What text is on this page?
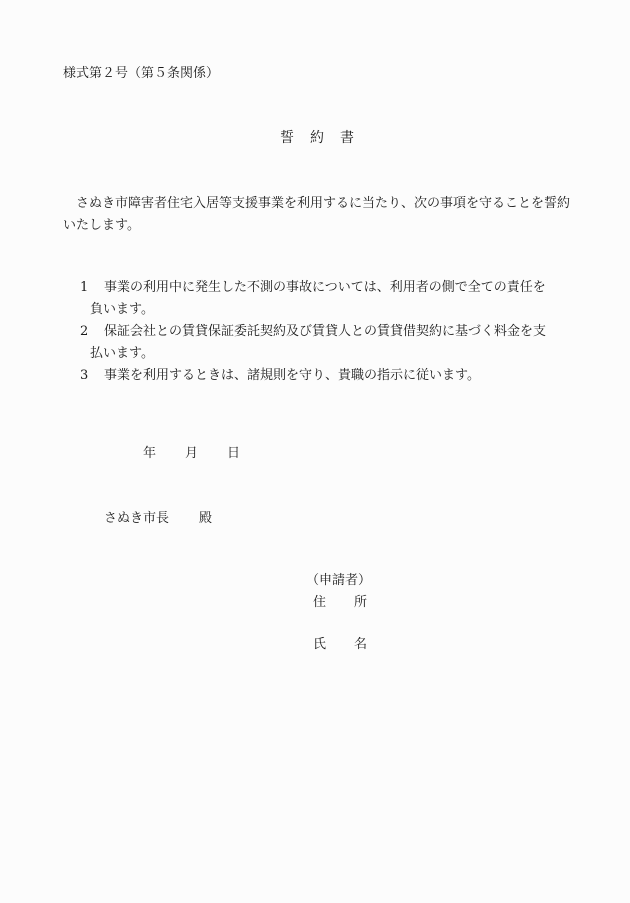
様式第２号（第５条関係）
誓約書
さぬき市障害者住宅入居等支援事業を利用するに当たり、次の事項を守ることを誓約いたします。
1	事業の利用中に発生した不測の事故については、利用者の側で全ての責任を
負います。
2	保証会社との賃貸保証委託契約及び賃貸人との賃貸借契約に基づく料金を支
払います。
3	事業を利用するときは、諸規則を守り、貴職の指示に従います。
年 月 日
さぬき市長 殿
（申請者）
住 所
氏 名
